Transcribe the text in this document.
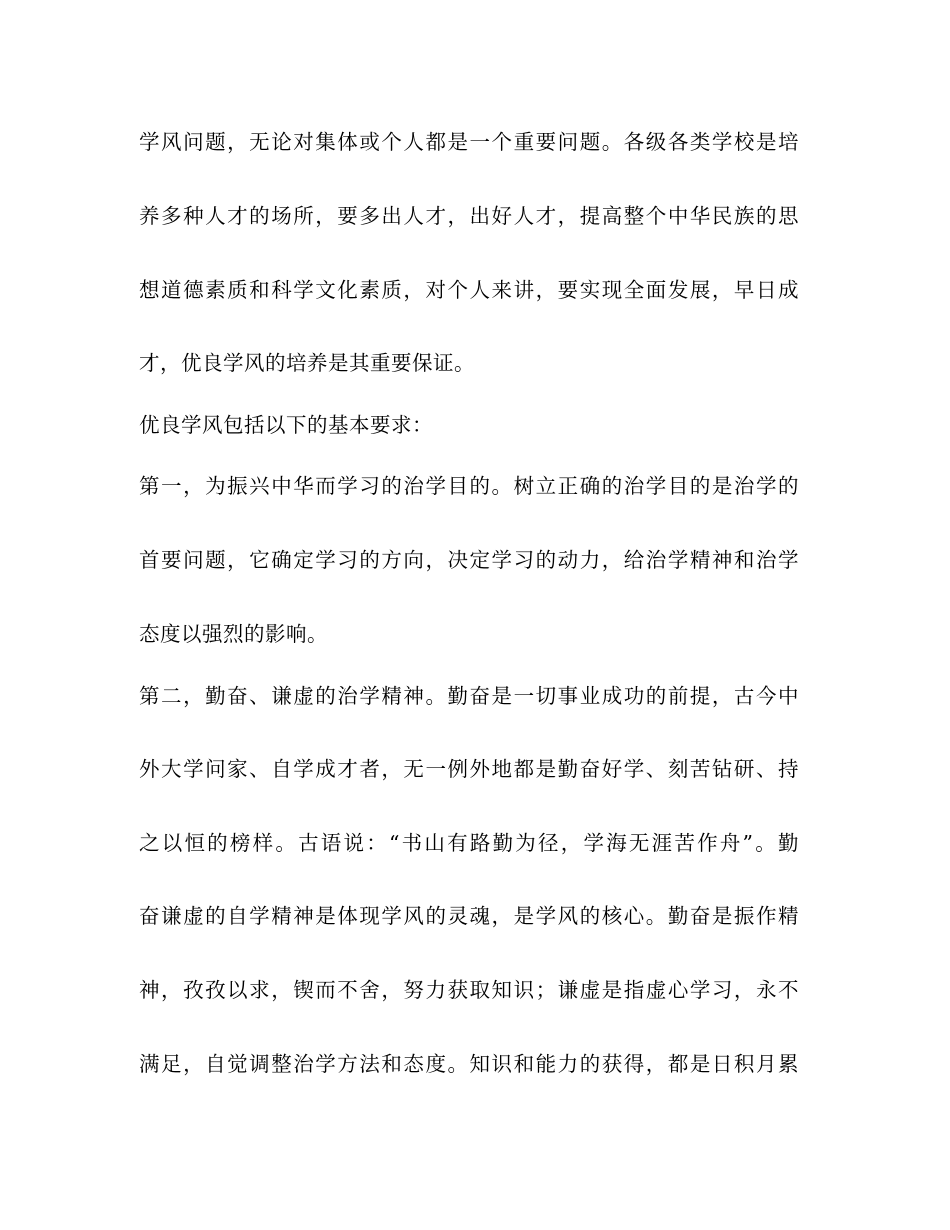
学风问题，无论对集体或个人都是一个重要问题。各级各类学校是培
养多种人才的场所，要多出人才，出好人才，提高整个中华民族的思
想道德素质和科学文化素质，对个人来讲，要实现全面发展，早日成
才，优良学风的培养是其重要保证。
优良学风包括以下的基本要求：
第一，为振兴中华而学习的治学目的。树立正确的治学目的是治学的
首要问题，它确定学习的方向，决定学习的动力，给治学精神和治学
态度以强烈的影响。
第二，勤奋、谦虚的治学精神。勤奋是一切事业成功的前提，古今中
外大学问家、自学成才者，无一例外地都是勤奋好学、刻苦钻研、持
之以恒的榜样。古语说：“书山有路勤为径，学海无涯苦作舟”。勤
奋谦虚的自学精神是体现学风的灵魂，是学风的核心。勤奋是振作精
神，孜孜以求，锲而不舍，努力获取知识；谦虚是指虚心学习，永不
满足，自觉调整治学方法和态度。知识和能力的获得，都是日积月累
